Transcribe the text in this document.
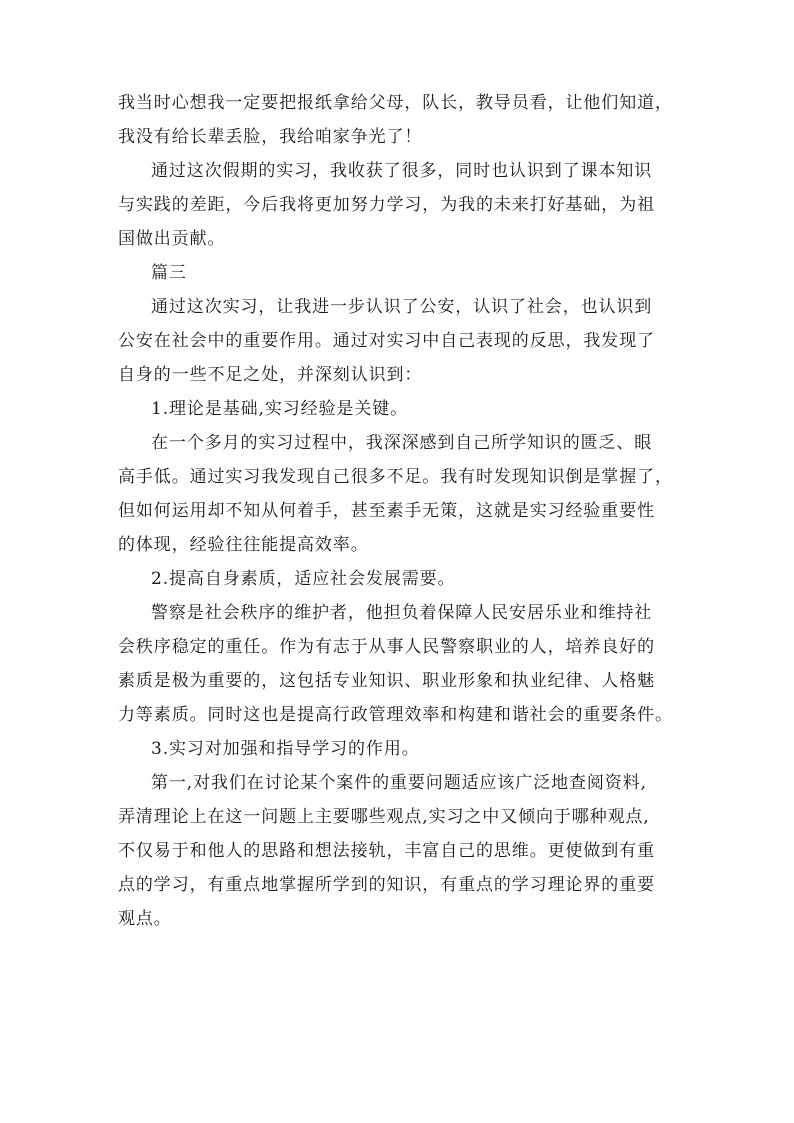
我当时心想我一定要把报纸拿给父母，队长，教导员看，让他们知道，
我没有给长辈丢脸，我给咱家争光了！
通过这次假期的实习，我收获了很多，同时也认识到了课本知识
与实践的差距，今后我将更加努力学习，为我的未来打好基础，为祖
国做出贡献。
篇三
通过这次实习，让我进一步认识了公安，认识了社会，也认识到
公安在社会中的重要作用。通过对实习中自己表现的反思，我发现了
自身的一些不足之处，并深刻认识到：
1.理论是基础,实习经验是关键。
在一个多月的实习过程中，我深深感到自己所学知识的匮乏、眼
高手低。通过实习我发现自己很多不足。我有时发现知识倒是掌握了，
但如何运用却不知从何着手，甚至素手无策，这就是实习经验重要性
的体现，经验往往能提高效率。
2.提高自身素质，适应社会发展需要。
警察是社会秩序的维护者，他担负着保障人民安居乐业和维持社
会秩序稳定的重任。作为有志于从事人民警察职业的人，培养良好的
素质是极为重要的，这包括专业知识、职业形象和执业纪律、人格魅
力等素质。同时这也是提高行政管理效率和构建和谐社会的重要条件。
3.实习对加强和指导学习的作用。
第一,对我们在讨论某个案件的重要问题适应该广泛地查阅资料,
弄清理论上在这一问题上主要哪些观点,实习之中又倾向于哪种观点,
不仅易于和他人的思路和想法接轨，丰富自己的思维。更使做到有重
点的学习，有重点地掌握所学到的知识，有重点的学习理论界的重要
观点。
